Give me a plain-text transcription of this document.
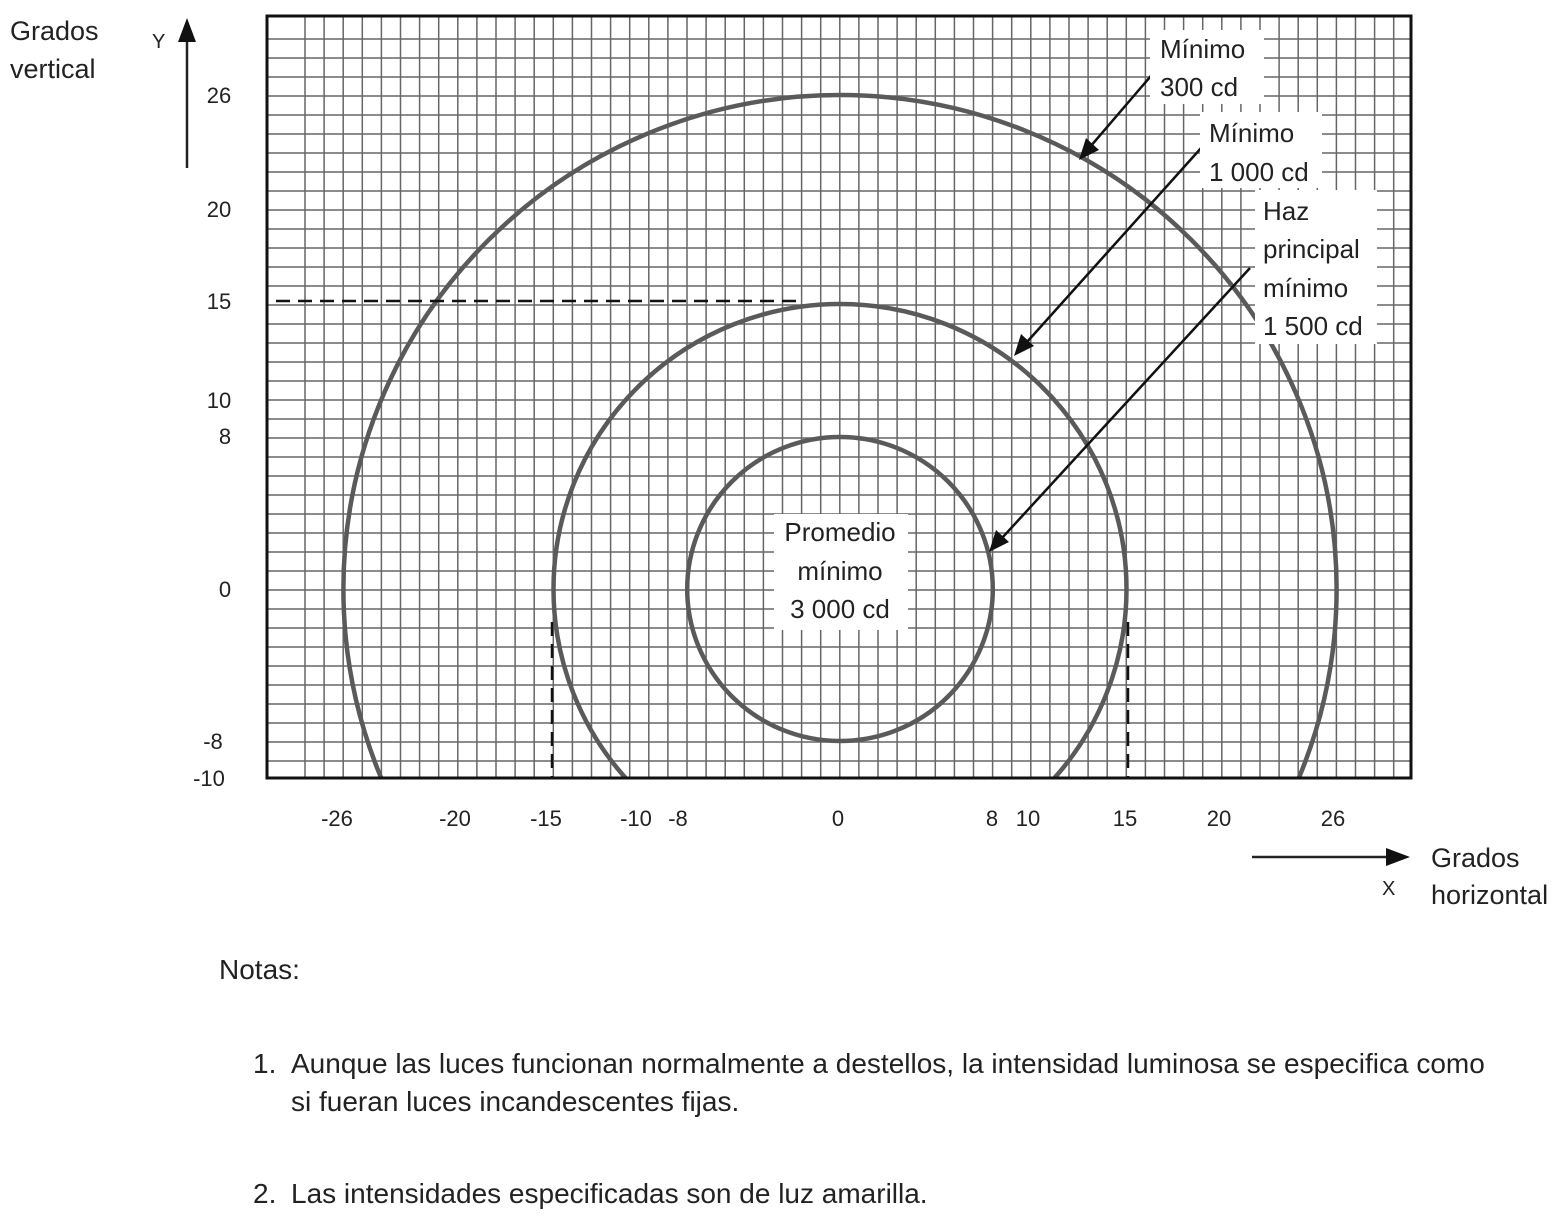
26
20
15
10
8
0
-8
-10
-26	-20	-15	-10 -8	0	8 10	15	20	26
Grados
vertical
Y
Grados
horizontal
X
Mínimo
300 cd
Mínimo
1 000 cd
Haz
principal
mínimo
1 500 cd
Promedio
mínimo
3 000 cd

Notas:

1. Aunque las luces funcionan normalmente a destellos, la intensidad luminosa se especifica como si fueran luces incandescentes fijas.
2. Las intensidades especificadas son de luz amarilla.
